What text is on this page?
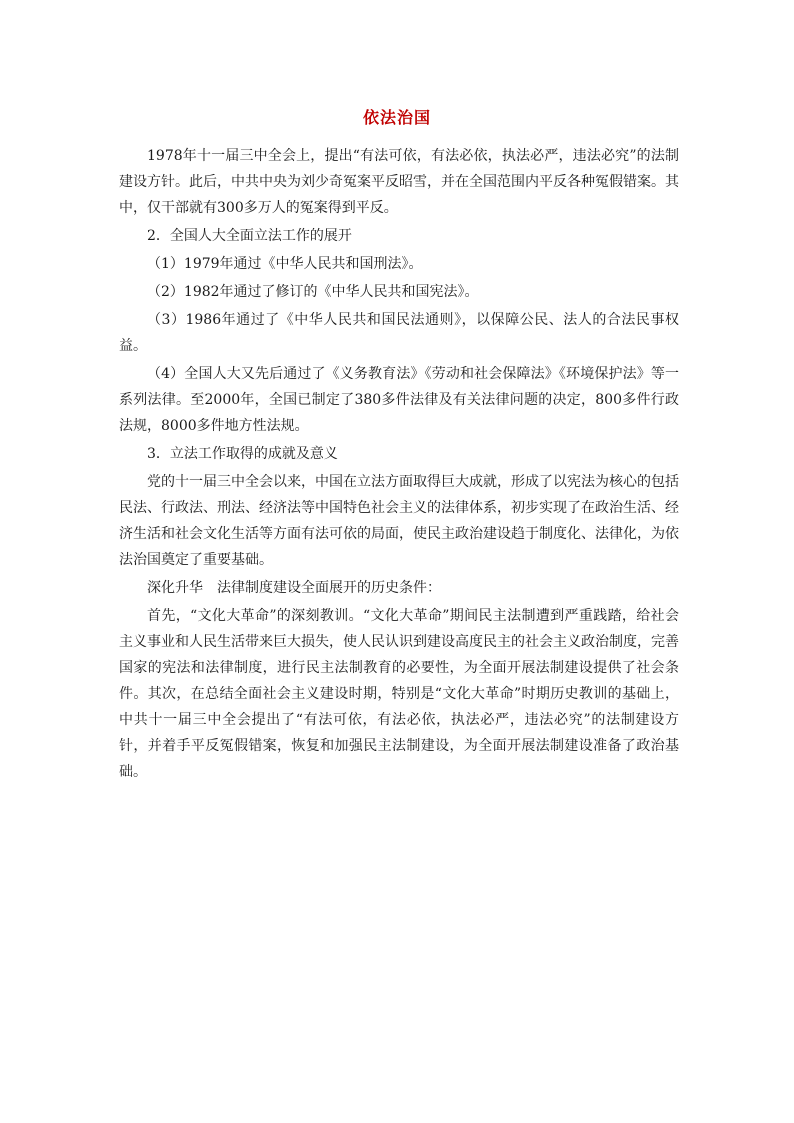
依法治国

1978年十一届三中全会上，提出“有法可依，有法必依，执法必严，违法必究”的法制建设方针。此后，中共中央为刘少奇冤案平反昭雪，并在全国范围内平反各种冤假错案。其中，仅干部就有300多万人的冤案得到平反。

2．全国人大全面立法工作的展开

（1）1979年通过《中华人民共和国刑法》。

（2）1982年通过了修订的《中华人民共和国宪法》。

（3）1986年通过了《中华人民共和国民法通则》，以保障公民、法人的合法民事权益。

（4）全国人大又先后通过了《义务教育法》《劳动和社会保障法》《环境保护法》等一系列法律。至2000年，全国已制定了380多件法律及有关法律问题的决定，800多件行政法规，8000多件地方性法规。

3．立法工作取得的成就及意义

党的十一届三中全会以来，中国在立法方面取得巨大成就，形成了以宪法为核心的包括民法、行政法、刑法、经济法等中国特色社会主义的法律体系，初步实现了在政治生活、经济生活和社会文化生活等方面有法可依的局面，使民主政治建设趋于制度化、法律化，为依法治国奠定了重要基础。

深化升华　法律制度建设全面展开的历史条件：

首先，“文化大革命”的深刻教训。“文化大革命”期间民主法制遭到严重践踏，给社会主义事业和人民生活带来巨大损失，使人民认识到建设高度民主的社会主义政治制度，完善国家的宪法和法律制度，进行民主法制教育的必要性，为全面开展法制建设提供了社会条件。其次，在总结全面社会主义建设时期，特别是“文化大革命”时期历史教训的基础上，中共十一届三中全会提出了“有法可依，有法必依，执法必严，违法必究”的法制建设方针，并着手平反冤假错案，恢复和加强民主法制建设，为全面开展法制建设准备了政治基础。
